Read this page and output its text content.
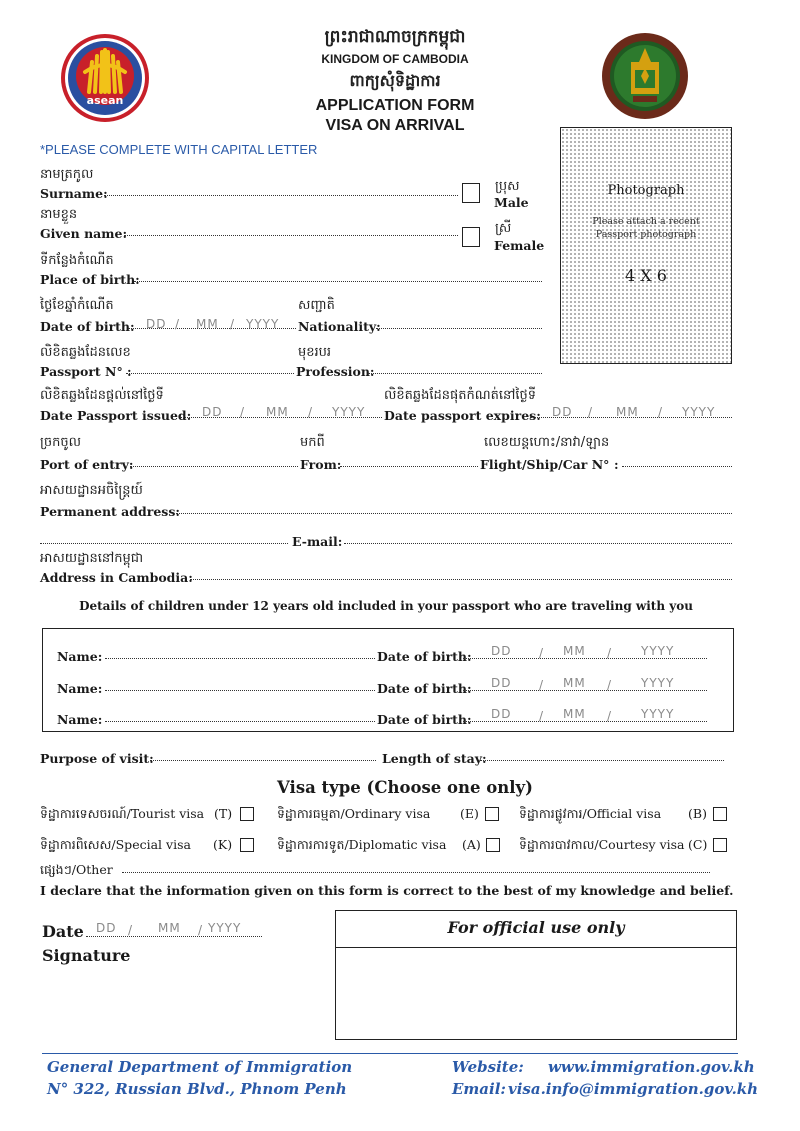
asean
ព្រះរាជាណាចក្រកម្ពុជា
KINGDOM OF CAMBODIA
ពាក្យសុំទិដ្ឋាការ
APPLICATION FORM
VISA ON ARRIVAL
*PLEASE COMPLETE WITH CAPITAL LETTER
Photograph
Please attach a recent
Passport photograph
4 X 6
នាមត្រកូល
Surname:	ប្រុស
Male
នាមខ្លួន
Given name:	ស្រី
Female
ទីកន្លែងកំណើត
Place of birth:
ថ្ងៃខែឆ្នាំកំណើត	សញ្ជាតិ
Date of birth: DD / MM / YYYY Nationality:
លិខិតឆ្លងដែនលេខ	មុខរបរ
Passport N° :	Profession:
លិខិតឆ្លងដែនផ្តល់នៅថ្ងៃទី	លិខិតឆ្លងដែនផុតកំណត់នៅថ្ងៃទី
Date Passport issued: DD / MM / YYYY Date passport expires: DD / MM / YYYY
ច្រកចូល	មកពី	លេខយន្តហោះ/នាវា/ឡាន
Port of entry:	From:	Flight/Ship/Car N° :
អាសយដ្ឋានអចិន្ត្រៃយ៍
Permanent address:
E-mail:
អាសយដ្ឋាននៅកម្ពុជា
Address in Cambodia:
Details of children under 12 years old included in your passport who are traveling with you
Name:	Date of birth: DD / MM / YYYY
Name:	Date of birth: DD / MM / YYYY
Name:	Date of birth: DD / MM / YYYY
Purpose of visit:	Length of stay:
Visa type (Choose one only)
ទិដ្ឋាការទេសចរណ៍/Tourist visa (T)	ទិដ្ឋាការធម្មតា/Ordinary visa (E)	ទិដ្ឋាការផ្លូវការ/Official visa (B)
ទិដ្ឋាការពិសេស/Special visa (K)	ទិដ្ឋាការការទូត/Diplomatic visa (A)	ទិដ្ឋាការបាវកាល/Courtesy visa (C)
ផ្សេងៗ/Other
I declare that the information given on this form is correct to the best of my knowledge and belief.
Date DD / MM / YYYY
Signature
For official use only
General Department of Immigration
N° 322, Russian Blvd., Phnom Penh
Website: www.immigration.gov.kh
Email: visa.info@immigration.gov.kh
